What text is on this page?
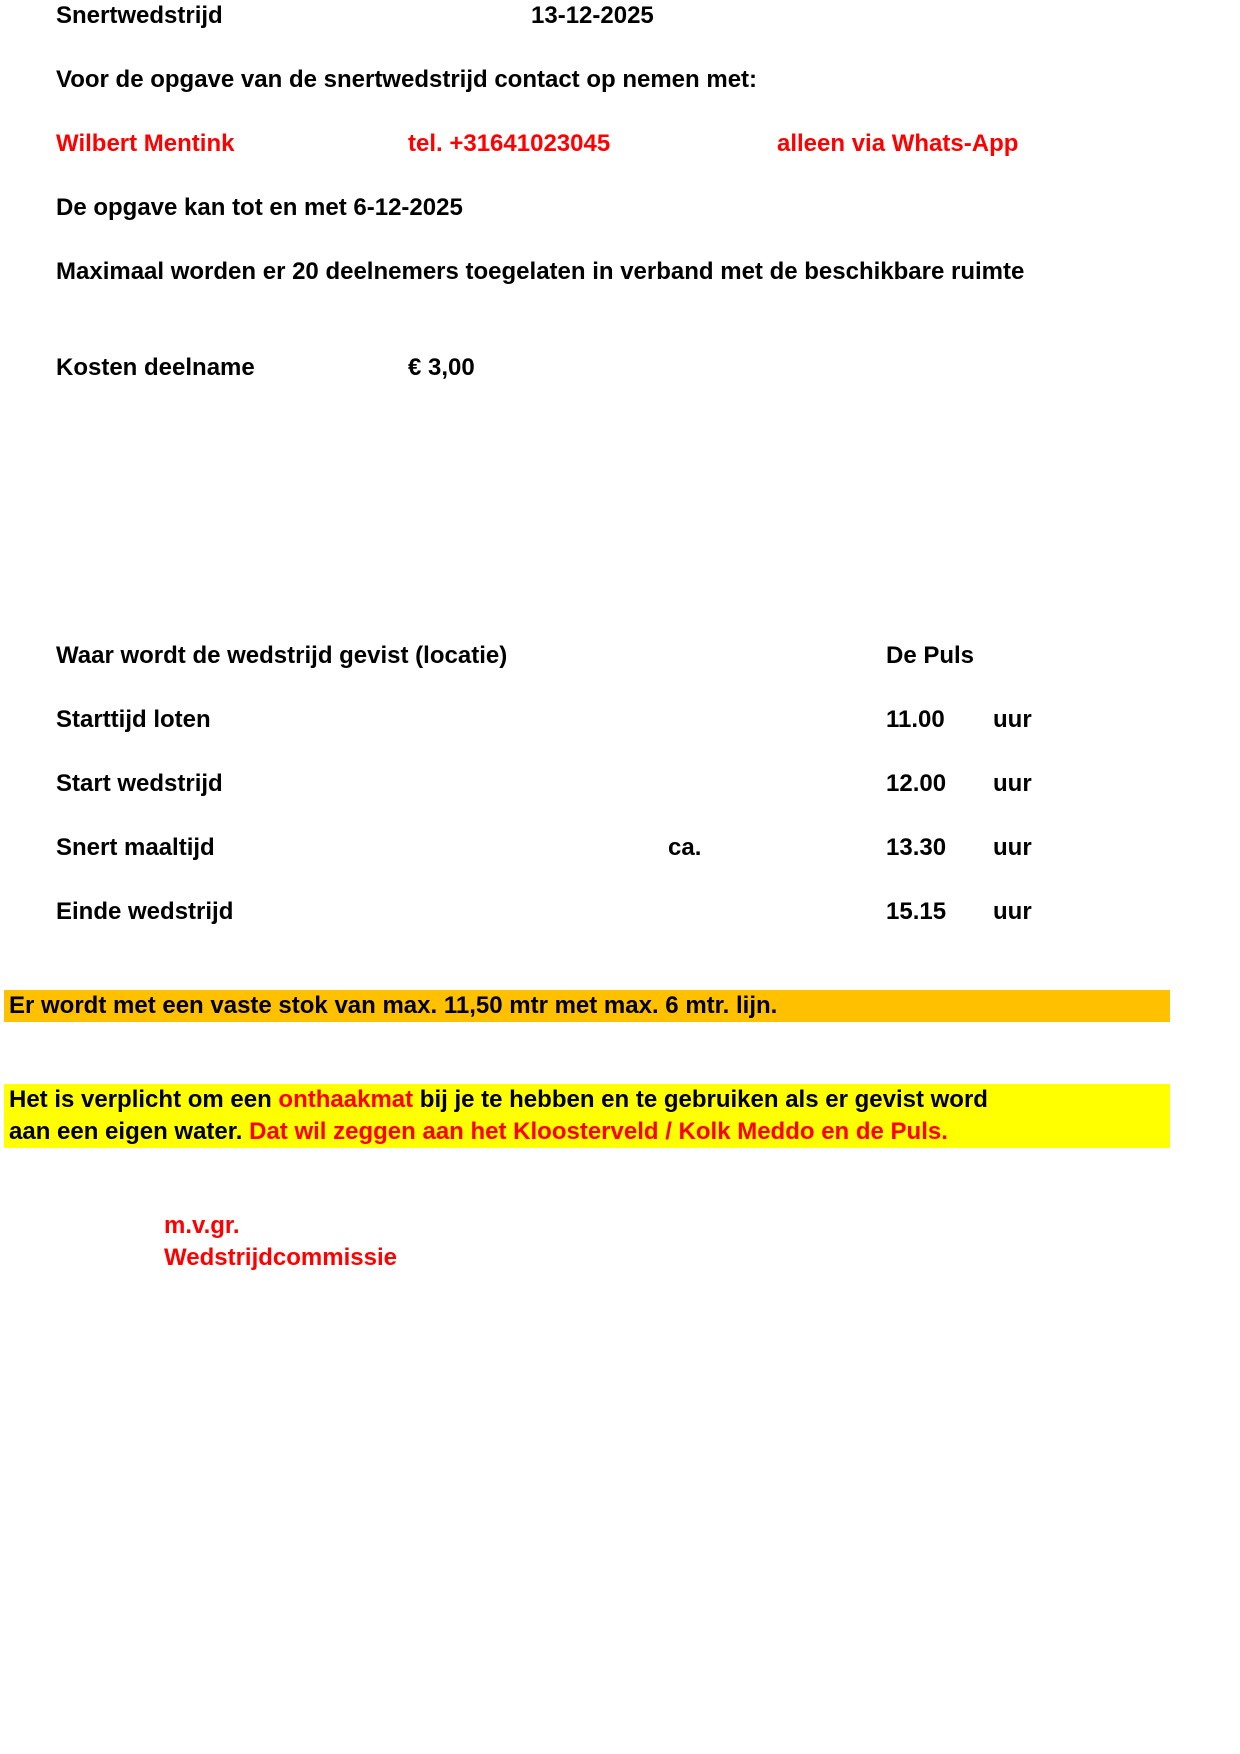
Snertwedstrijd	13-12-2025
Voor de opgave van de snertwedstrijd contact op nemen met:
Wilbert Mentink	tel. +31641023045	alleen via Whats-App
De opgave kan tot en met 6-12-2025
Maximaal worden er 20 deelnemers toegelaten in verband met de beschikbare ruimte
Kosten deelname	€ 3,00
Waar wordt de wedstrijd gevist (locatie)	De Puls
Starttijd loten	11.00 uur
Start wedstrijd	12.00 uur
Snert maaltijd	ca.	13.30 uur
Einde wedstrijd	15.15 uur
Er wordt met een vaste stok van max. 11,50 mtr met max. 6 mtr. lijn.
Het is verplicht om een onthaakmat bij je te hebben en te gebruiken als er gevist word
aan een eigen water. Dat wil zeggen aan het Kloosterveld / Kolk Meddo en de Puls.
m.v.gr.
Wedstrijdcommissie
